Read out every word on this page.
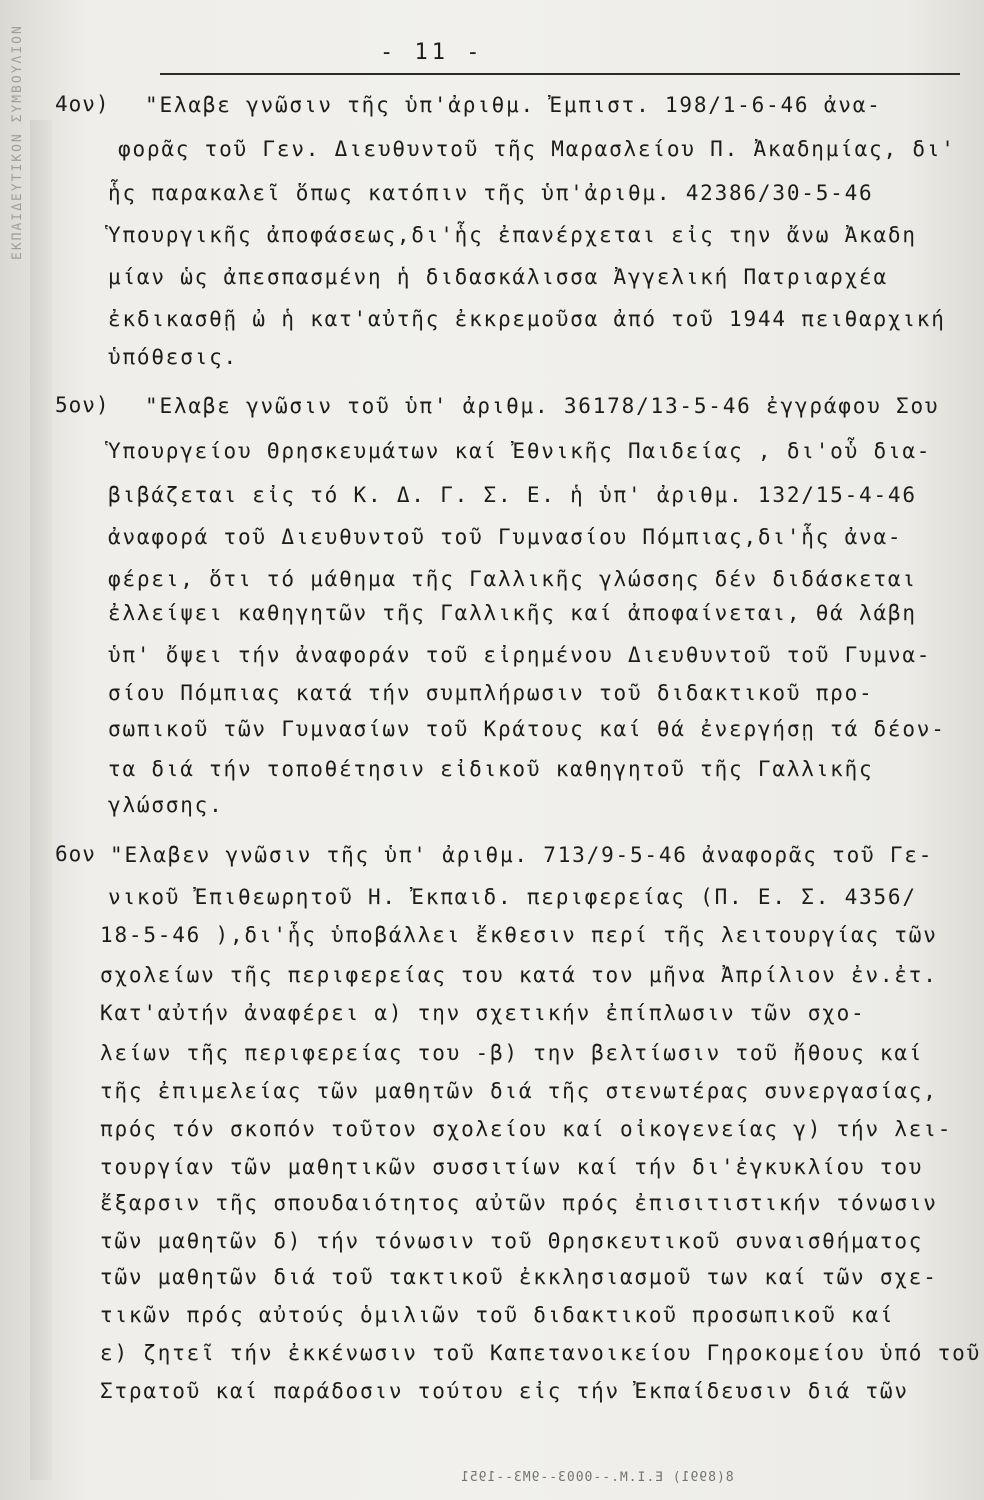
ΕΚΠΑΙΔΕΥΤΙΚΟΝ ΣΥΜΒΟΥΛΙΟΝ	- 11 -
4ον) "Ελαβε γνῶσιν τῆς ὑπ'ἀριθμ. Ἐμπιστ. 198/1-6-46 ἀνα-
φορᾶς τοῦ Γεν. Διευθυντοῦ τῆς Μαρασλείου Π. Ἀκαδημίας, δι'
ἧς παρακαλεῖ ὅπως κατόπιν τῆς ὑπ'ἀριθμ. 42386/30-5-46
Ὑπουργικῆς ἀποφάσεως,δι'ἧς ἐπανέρχεται εἰς την ἄνω Ἀκαδη
μίαν ὡς ἀπεσπασμένη ἡ διδασκάλισσα Ἀγγελική Πατριαρχέα
ἐκδικασθῇ ὠ ἡ κατ'αὐτῆς ἐκκρεμοῦσα ἀπό τοῦ 1944 πειθαρχική
ὑπόθεσις.
5ον) "Ελαβε γνῶσιν τοῦ ὑπ' ἀριθμ. 36178/13-5-46 ἐγγράφου Σου
Ὑπουργείου Θρησκευμάτων καί Ἐθνικῆς Παιδείας , δι'οὗ δια-
βιβάζεται εἰς τό Κ. Δ. Γ. Σ. Ε. ἡ ὑπ' ἀριθμ. 132/15-4-46
ἀναφορά τοῦ Διευθυντοῦ τοῦ Γυμνασίου Πόμπιας,δι'ἧς ἀνα-
φέρει, ὅτι τό μάθημα τῆς Γαλλικῆς γλώσσης δέν διδάσκεται
ἐλλείψει καθηγητῶν τῆς Γαλλικῆς καί ἀποφαίνεται, θά λάβη
ὑπ' ὄψει τήν ἀναφοράν τοῦ εἰρημένου Διευθυντοῦ τοῦ Γυμνα-
σίου Πόμπιας κατά τήν συμπλήρωσιν τοῦ διδακτικοῦ προ-
σωπικοῦ τῶν Γυμνασίων τοῦ Κράτους καί θά ἐνεργήσῃ τά δέον-
τα διά τήν τοποθέτησιν εἰδικοῦ καθηγητοῦ τῆς Γαλλικῆς
γλώσσης.
6ον "Ελαβεν γνῶσιν τῆς ὑπ' ἀριθμ. 713/9-5-46 ἀναφορᾶς τοῦ Γε-
νικοῦ Ἐπιθεωρητοῦ Η. Ἐκπαιδ. περιφερείας (Π. Ε. Σ. 4356/
18-5-46 ),δι'ἧς ὑποβάλλει ἔκθεσιν περί τῆς λειτουργίας τῶν
σχολείων τῆς περιφερείας του κατά τον μῆνα Ἀπρίλιον ἐν.ἐτ.
Κατ'αὐτήν ἀναφέρει α) την σχετικήν ἐπίπλωσιν τῶν σχο-
λείων τῆς περιφερείας του -β) την βελτίωσιν τοῦ ἤθους καί
τῆς ἐπιμελείας τῶν μαθητῶν διά τῆς στενωτέρας συνεργασίας,
πρός τόν σκοπόν τοῦτον σχολείου καί οἰκογενείας γ) τήν λει-
τουργίαν τῶν μαθητικῶν συσσιτίων καί τήν δι'ἐγκυκλίου του
ἔξαρσιν τῆς σπουδαιότητος αὐτῶν πρός ἐπισιτιστικήν τόνωσιν
τῶν μαθητῶν δ) τήν τόνωσιν τοῦ Θρησκευτικοῦ συναισθήματος
τῶν μαθητῶν διά τοῦ τακτικοῦ ἐκκλησιασμοῦ των καί τῶν σχε-
τικῶν πρός αὐτούς ὁμιλιῶν τοῦ διδακτικοῦ προσωπικοῦ καί
ε) ζητεῖ τήν ἐκκένωσιν τοῦ Καπετανοικείου Γηροκομείου ὑπό τοῦ
Στρατοῦ καί παράδοσιν τούτου εἰς τήν Ἐκπαίδευσιν διά τῶν
8(8991) Ε.Ι.Μ.--0003--9М3--1951
